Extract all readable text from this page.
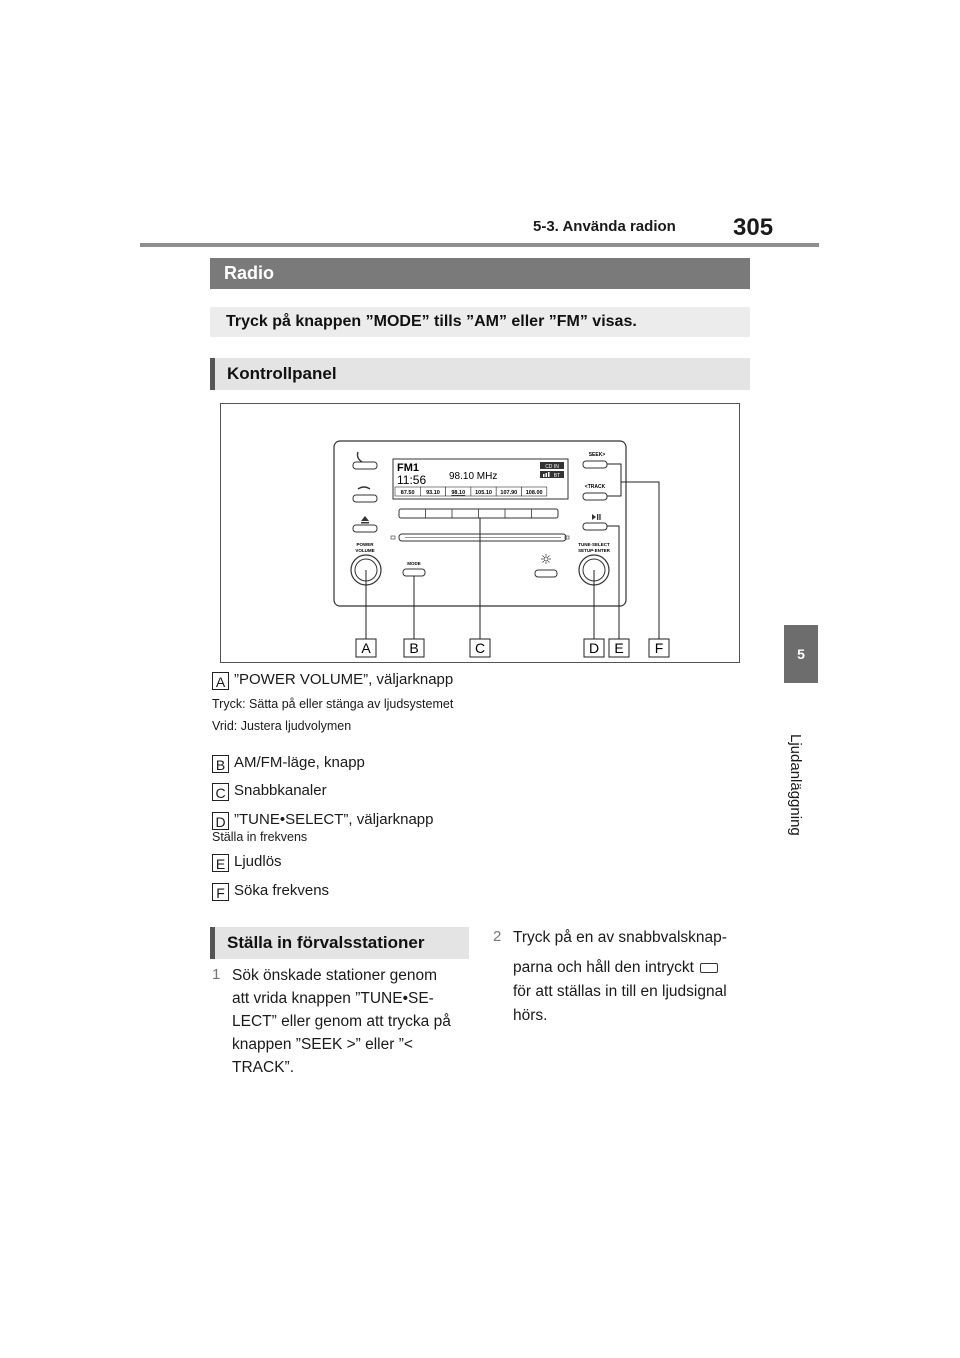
5-3. Använda radion 305
5
Ljudanläggning
Radio
Tryck på knappen ”MODE” tills ”AM” eller ”FM” visas.
Kontrollpanel
POWER
VOLUME
FM1
11:56 98.10 MHz
CD IN
BT
87.50 93.10 98.10 105.10 107.90 108.00
MODE
SEEK>
<TRACK
TUNE·SELECT
SETUP·ENTER
A	B	C	D E F
A ”POWER VOLUME”, väljarknapp
Tryck: Sätta på eller stänga av ljudsystemet
Vrid: Justera ljudvolymen
B AM/FM-läge, knapp
C Snabbkanaler
D ”TUNE•SELECT”, väljarknapp
Ställa in frekvens
E Ljudlös
F Söka frekvens
Ställa in förvalsstationer
1 Sök önskade stationer genom
att vrida knappen ”TUNE•SE-
LECT” eller genom att trycka på
knappen ”SEEK >” eller ”<
TRACK”.
2 Tryck på en av snabbvalsknap-
parna och håll den intryckt
för att ställas in till en ljudsignal
hörs.
